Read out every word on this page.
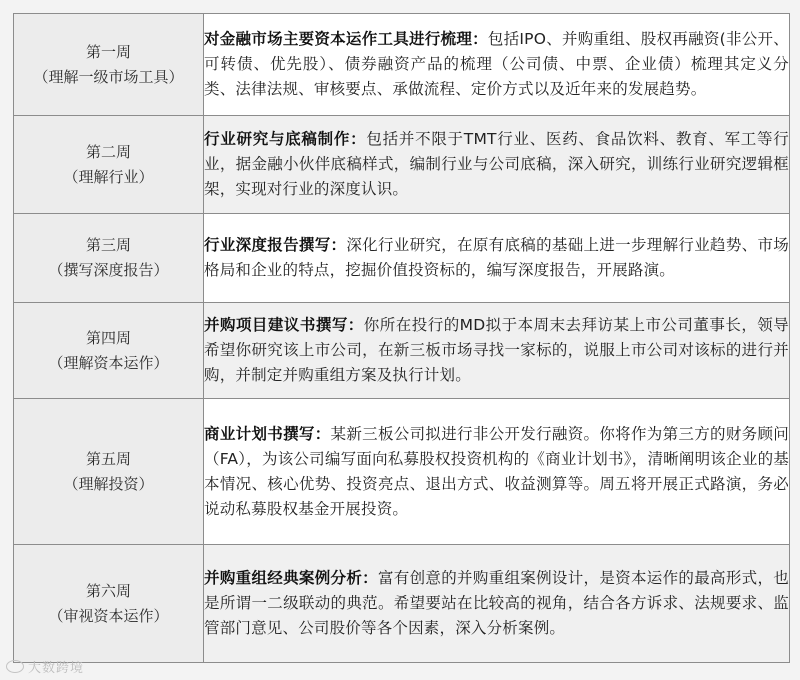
第一周
（理解一级市场工具）	对金融市场主要资本运作工具进行梳理：包括IPO、并购重组、股权再融资(非公开、可转债、优先股）、债券融资产品的梳理（公司债、中票、企业债）梳理其定义分类、法律法规、审核要点、承做流程、定价方式以及近年来的发展趋势。

第二周
（理解行业）	行业研究与底稿制作：包括并不限于TMT行业、医药、食品饮料、教育、军工等行业，据金融小伙伴底稿样式，编制行业与公司底稿，深入研究，训练行业研究逻辑框架，实现对行业的深度认识。

第三周
（撰写深度报告）	行业深度报告撰写：深化行业研究，在原有底稿的基础上进一步理解行业趋势、市场格局和企业的特点，挖掘价值投资标的，编写深度报告，开展路演。

第四周
（理解资本运作）	并购项目建议书撰写：你所在投行的MD拟于本周末去拜访某上市公司董事长，领导希望你研究该上市公司，在新三板市场寻找一家标的，说服上市公司对该标的进行并购，并制定并购重组方案及执行计划。

第五周
（理解投资）	商业计划书撰写：某新三板公司拟进行非公开发行融资。你将作为第三方的财务顾问（FA），为该公司编写面向私募股权投资机构的《商业计划书》，清晰阐明该企业的基本情况、核心优势、投资亮点、退出方式、收益测算等。周五将开展正式路演，务必说动私募股权基金开展投资。

第六周
（审视资本运作）	并购重组经典案例分析：富有创意的并购重组案例设计，是资本运作的最高形式，也是所谓一二级联动的典范。希望要站在比较高的视角，结合各方诉求、法规要求、监管部门意见、公司股价等各个因素，深入分析案例。
大数跨境
